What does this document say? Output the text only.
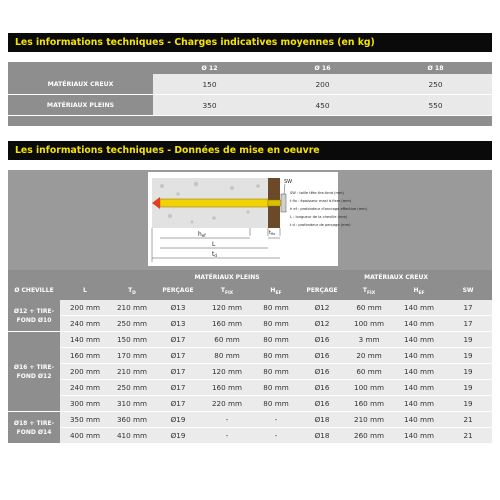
Les informations techniques - Charges indicatives moyennes (en kg)
	Ø 12	Ø 16	Ø 18
MATÉRIAUX CREUX	150	200	250
MATÉRIAUX PLEINS	350	450	550

Les informations techniques - Données de mise en oeuvre
SW
hef	$t_{fix}$
L
td
SW : taille tête tire-fond (mm)
t fix : épaisseur maxi à fixer (mm)
h ef : profondeur d'ancrage effective (mm)
L : longueur de la cheville (mm)
t d : profondeur de perçage (mm)
			MATÉRIAUX PLEINS			MATÉRIAUX CREUX			
Ø CHEVILLE	L	$T_D$	PERÇAGE	$T_{FIX}$	$H_{EF}$	PERÇAGE	$T_{FIX}$	$H_{EF}$	SW
Ø12 + TIRE-FOND Ø10	200 mm	210 mm	Ø13	120 mm	80 mm	Ø12	60 mm	140 mm	17
	240 mm	250 mm	Ø13	160 mm	80 mm	Ø12	100 mm	140 mm	17
Ø16 + TIRE-FOND Ø12	140 mm	150 mm	Ø17	60 mm	80 mm	Ø16	3 mm	140 mm	19
	160 mm	170 mm	Ø17	80 mm	80 mm	Ø16	20 mm	140 mm	19
	200 mm	210 mm	Ø17	120 mm	80 mm	Ø16	60 mm	140 mm	19
	240 mm	250 mm	Ø17	160 mm	80 mm	Ø16	100 mm	140 mm	19
	300 mm	310 mm	Ø17	220 mm	80 mm	Ø16	160 mm	140 mm	19
Ø18 + TIRE-FOND Ø14	350 mm	360 mm	Ø19	-	-	Ø18	210 mm	140 mm	21
	400 mm	410 mm	Ø19	-	-	Ø18	260 mm	140 mm	21
